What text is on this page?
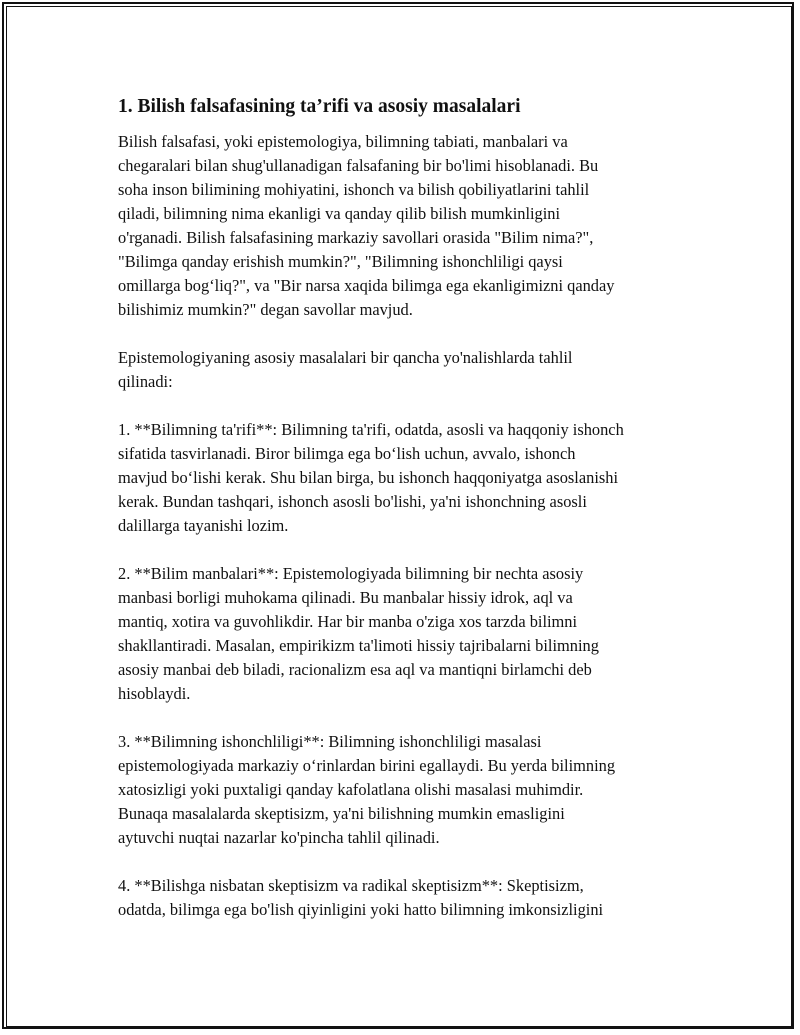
1. Bilish falsafasining ta’rifi va asosiy masalalari
Bilish falsafasi, yoki epistemologiya, bilimning tabiati, manbalari va
chegaralari bilan shug'ullanadigan falsafaning bir bo'limi hisoblanadi. Bu
soha inson bilimining mohiyatini, ishonch va bilish qobiliyatlarini tahlil
qiladi, bilimning nima ekanligi va qanday qilib bilish mumkinligini
o'rganadi. Bilish falsafasining markaziy savollari orasida "Bilim nima?",
"Bilimga qanday erishish mumkin?", "Bilimning ishonchliligi qaysi
omillarga bog‘liq?", va "Bir narsa xaqida bilimga ega ekanligimizni qanday
bilishimiz mumkin?" degan savollar mavjud.
Epistemologiyaning asosiy masalalari bir qancha yo'nalishlarda tahlil
qilinadi:
1. **Bilimning ta'rifi**: Bilimning ta'rifi, odatda, asosli va haqqoniy ishonch
sifatida tasvirlanadi. Biror bilimga ega bo‘lish uchun, avvalo, ishonch
mavjud bo‘lishi kerak. Shu bilan birga, bu ishonch haqqoniyatga asoslanishi
kerak. Bundan tashqari, ishonch asosli bo'lishi, ya'ni ishonchning asosli
dalillarga tayanishi lozim.
2. **Bilim manbalari**: Epistemologiyada bilimning bir nechta asosiy
manbasi borligi muhokama qilinadi. Bu manbalar hissiy idrok, aql va
mantiq, xotira va guvohlikdir. Har bir manba o'ziga xos tarzda bilimni
shakllantiradi. Masalan, empirikizm ta'limoti hissiy tajribalarni bilimning
asosiy manbai deb biladi, racionalizm esa aql va mantiqni birlamchi deb
hisoblaydi.
3. **Bilimning ishonchliligi**: Bilimning ishonchliligi masalasi
epistemologiyada markaziy o‘rinlardan birini egallaydi. Bu yerda bilimning
xatosizligi yoki puxtaligi qanday kafolatlana olishi masalasi muhimdir.
Bunaqa masalalarda skeptisizm, ya'ni bilishning mumkin emasligini
aytuvchi nuqtai nazarlar ko'pincha tahlil qilinadi.
4. **Bilishga nisbatan skeptisizm va radikal skeptisizm**: Skeptisizm,
odatda, bilimga ega bo'lish qiyinligini yoki hatto bilimning imkonsizligini
